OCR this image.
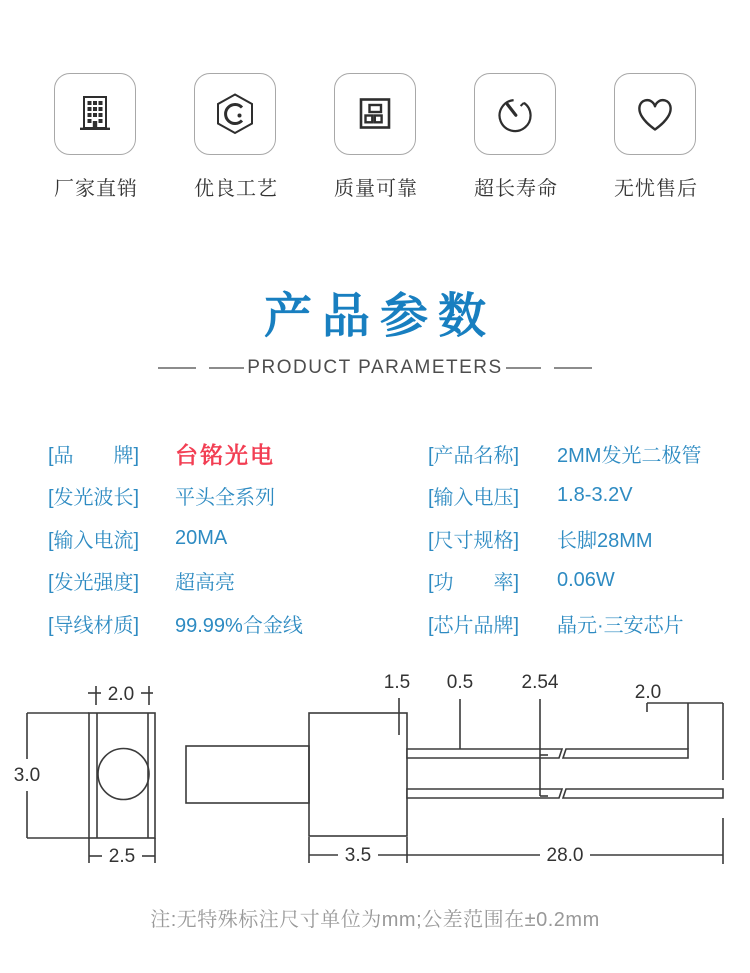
厂家直销	优良工艺	质量可靠	超长寿命	无忧售后
产品参数
PRODUCT PARAMETERS
[品　　牌]	台铭光电
[发光波长]	平头全系列
[输入电流]	20MA
[发光强度]	超高亮
[导线材质]	99.99%合金线
[产品名称]	2MM发光二极管
[输入电压]	1.8-3.2V
[尺寸规格]	长脚28MM
[功　　率]	0.06W
[芯片品牌]	晶元·三安芯片
2.0
3.0
2.5
1.5 0.5	2.54	2.0
3.5	28.0
注:无特殊标注尺寸单位为mm;公差范围在±0.2mm
